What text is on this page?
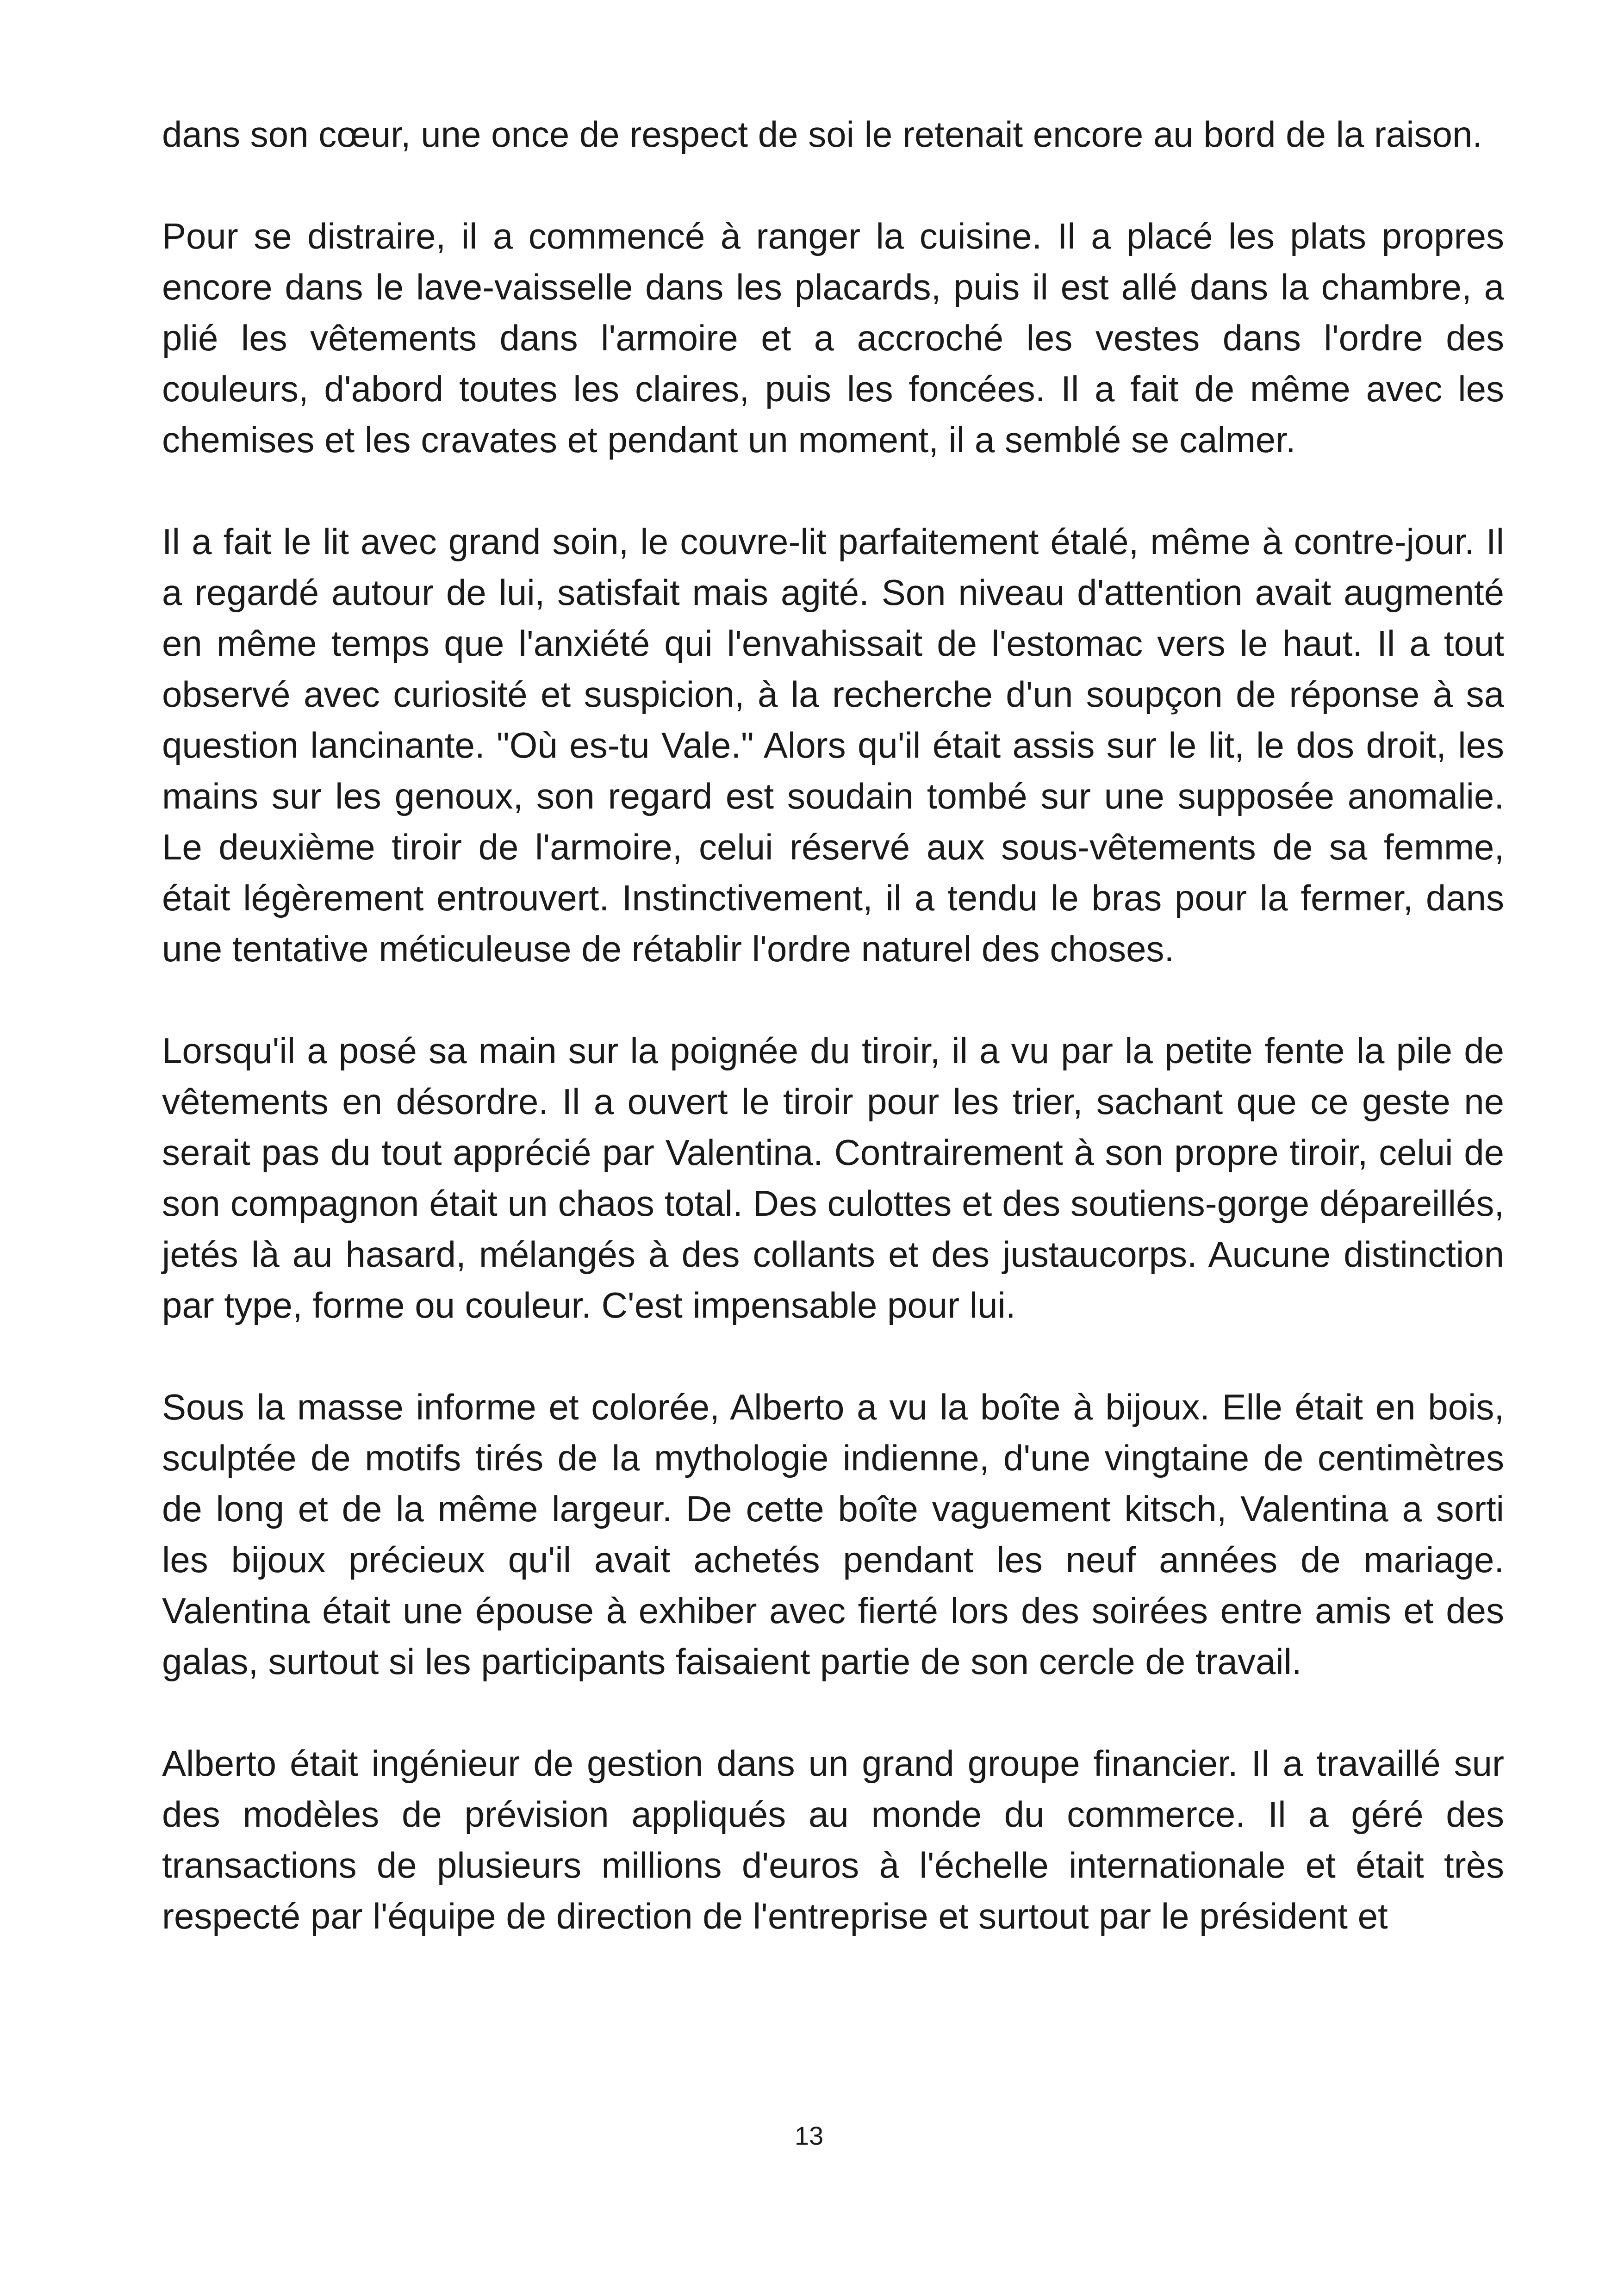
dans son cœur, une once de respect de soi le retenait encore au bord de la raison.

Pour se distraire, il a commencé à ranger la cuisine. Il a placé les plats propres encore dans le lave-vaisselle dans les placards, puis il est allé dans la chambre, a plié les vêtements dans l'armoire et a accroché les vestes dans l'ordre des couleurs, d'abord toutes les claires, puis les foncées. Il a fait de même avec les chemises et les cravates et pendant un moment, il a semblé se calmer.

Il a fait le lit avec grand soin, le couvre-lit parfaitement étalé, même à contre-jour. Il a regardé autour de lui, satisfait mais agité. Son niveau d'attention avait augmenté en même temps que l'anxiété qui l'envahissait de l'estomac vers le haut. Il a tout observé avec curiosité et suspicion, à la recherche d'un soupçon de réponse à sa question lancinante. "Où es-tu Vale." Alors qu'il était assis sur le lit, le dos droit, les mains sur les genoux, son regard est soudain tombé sur une supposée anomalie. Le deuxième tiroir de l'armoire, celui réservé aux sous-vêtements de sa femme, était légèrement entrouvert. Instinctivement, il a tendu le bras pour la fermer, dans une tentative méticuleuse de rétablir l'ordre naturel des choses.

Lorsqu'il a posé sa main sur la poignée du tiroir, il a vu par la petite fente la pile de vêtements en désordre. Il a ouvert le tiroir pour les trier, sachant que ce geste ne serait pas du tout apprécié par Valentina. Contrairement à son propre tiroir, celui de son compagnon était un chaos total. Des culottes et des soutiens-gorge dépareillés, jetés là au hasard, mélangés à des collants et des justaucorps. Aucune distinction par type, forme ou couleur. C'est impensable pour lui.

Sous la masse informe et colorée, Alberto a vu la boîte à bijoux. Elle était en bois, sculptée de motifs tirés de la mythologie indienne, d'une vingtaine de centimètres de long et de la même largeur. De cette boîte vaguement kitsch, Valentina a sorti les bijoux précieux qu'il avait achetés pendant les neuf années de mariage. Valentina était une épouse à exhiber avec fierté lors des soirées entre amis et des galas, surtout si les participants faisaient partie de son cercle de travail.

Alberto était ingénieur de gestion dans un grand groupe financier. Il a travaillé sur des modèles de prévision appliqués au monde du commerce. Il a géré des transactions de plusieurs millions d'euros à l'échelle internationale et était très respecté par l'équipe de direction de l'entreprise et surtout par le président et

13
